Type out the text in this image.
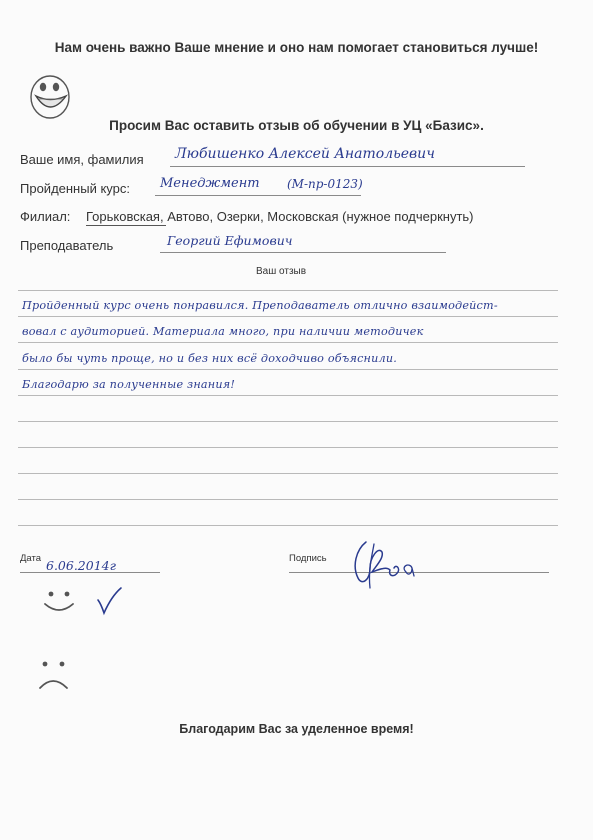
Нам очень важно Ваше мнение и оно нам помогает становиться лучше!
Просим Вас оставить отзыв об обучении в УЦ «Базис».
Ваше имя, фамилия Любишенко Алексей Анатольевич
Пройденный курс: Менеджмент (М-пр-0123)
Филиал: Горьковская, Автово, Озерки, Московская (нужное подчеркнуть)
Преподаватель	Георгий Ефимович
Ваш отзыв
Пройденный курс очень понравился. Преподаватель отлично взаимодейст-
вовал с аудиторией. Материала много, при наличии методичек
было бы чуть проще, но и без них всё доходчиво объяснили.
Благодарю за полученные знания!
Дата 6.06.2014г	Подпись
Благодарим Вас за уделенное время!
